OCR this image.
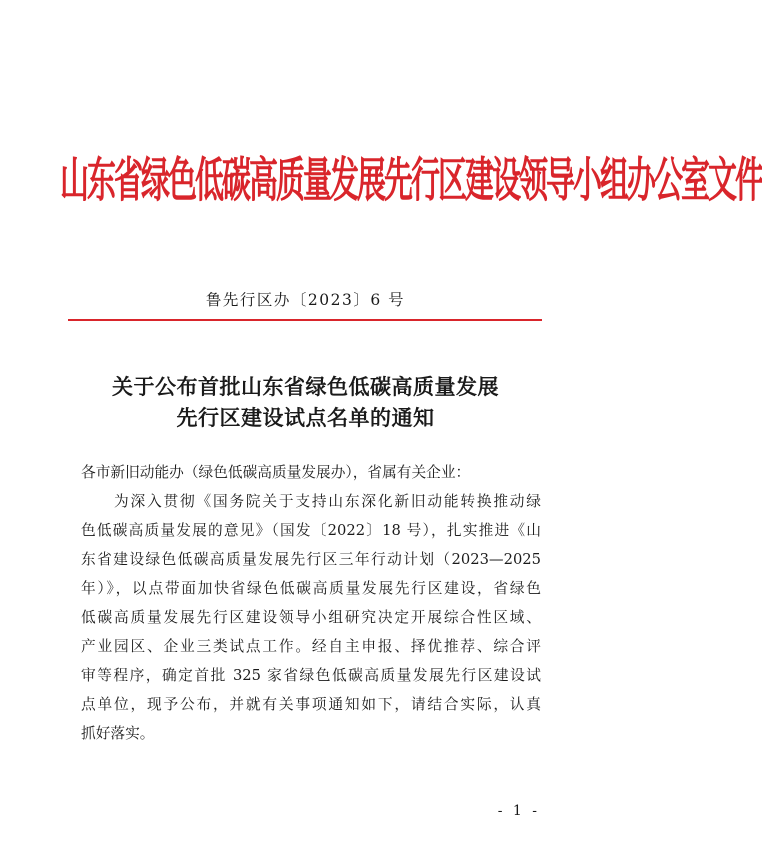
山东省绿色低碳高质量发展先行区建设领导小组办公室文件
鲁先行区办〔2023〕6 号
关于公布首批山东省绿色低碳高质量发展
先行区建设试点名单的通知
各市新旧动能办（绿色低碳高质量发展办），省属有关企业：
为深入贯彻《国务院关于支持山东深化新旧动能转换推动绿
色低碳高质量发展的意见》（国发〔2022〕18 号），扎实推进《山
东省建设绿色低碳高质量发展先行区三年行动计划（2023—2025
年）》，以点带面加快省绿色低碳高质量发展先行区建设，省绿色
低碳高质量发展先行区建设领导小组研究决定开展综合性区域、
产业园区、企业三类试点工作。经自主申报、择优推荐、综合评
审等程序，确定首批 325 家省绿色低碳高质量发展先行区建设试
点单位，现予公布，并就有关事项通知如下，请结合实际，认真
抓好落实。
- 1 -
